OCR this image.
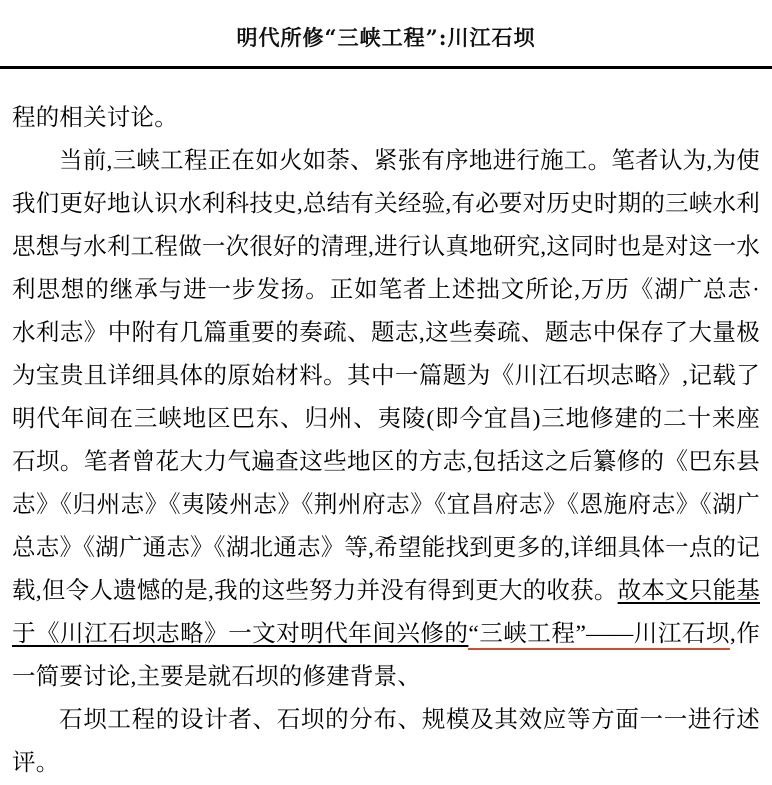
明代所修“三峡工程”:川江石坝

程的相关讨论。

当前,三峡工程正在如火如荼、紧张有序地进行施工。笔者认为,为使我们更好地认识水利科技史,总结有关经验,有必要对历史时期的三峡水利思想与水利工程做一次很好的清理,进行认真地研究,这同时也是对这一水利思想的继承与进一步发扬。正如笔者上述拙文所论,万历《湖广总志·水利志》中附有几篇重要的奏疏、题志,这些奏疏、题志中保存了大量极为宝贵且详细具体的原始材料。其中一篇题为《川江石坝志略》,记载了明代年间在三峡地区巴东、归州、夷陵(即今宜昌)三地修建的二十来座石坝。笔者曾花大力气遍查这些地区的方志,包括这之后纂修的《巴东县志》《归州志》《夷陵州志》《荆州府志》《宜昌府志》《恩施府志》《湖广总志》《湖广通志》《湖北通志》等,希望能找到更多的,详细具体一点的记载,但令人遗憾的是,我的这些努力并没有得到更大的收获。故本文只能基于《川江石坝志略》一文对明代年间兴修的“三峡工程”——川江石坝,作一简要讨论,主要是就石坝的修建背景、
石坝工程的设计者、石坝的分布、规模及其效应等方面一一进行述评。
